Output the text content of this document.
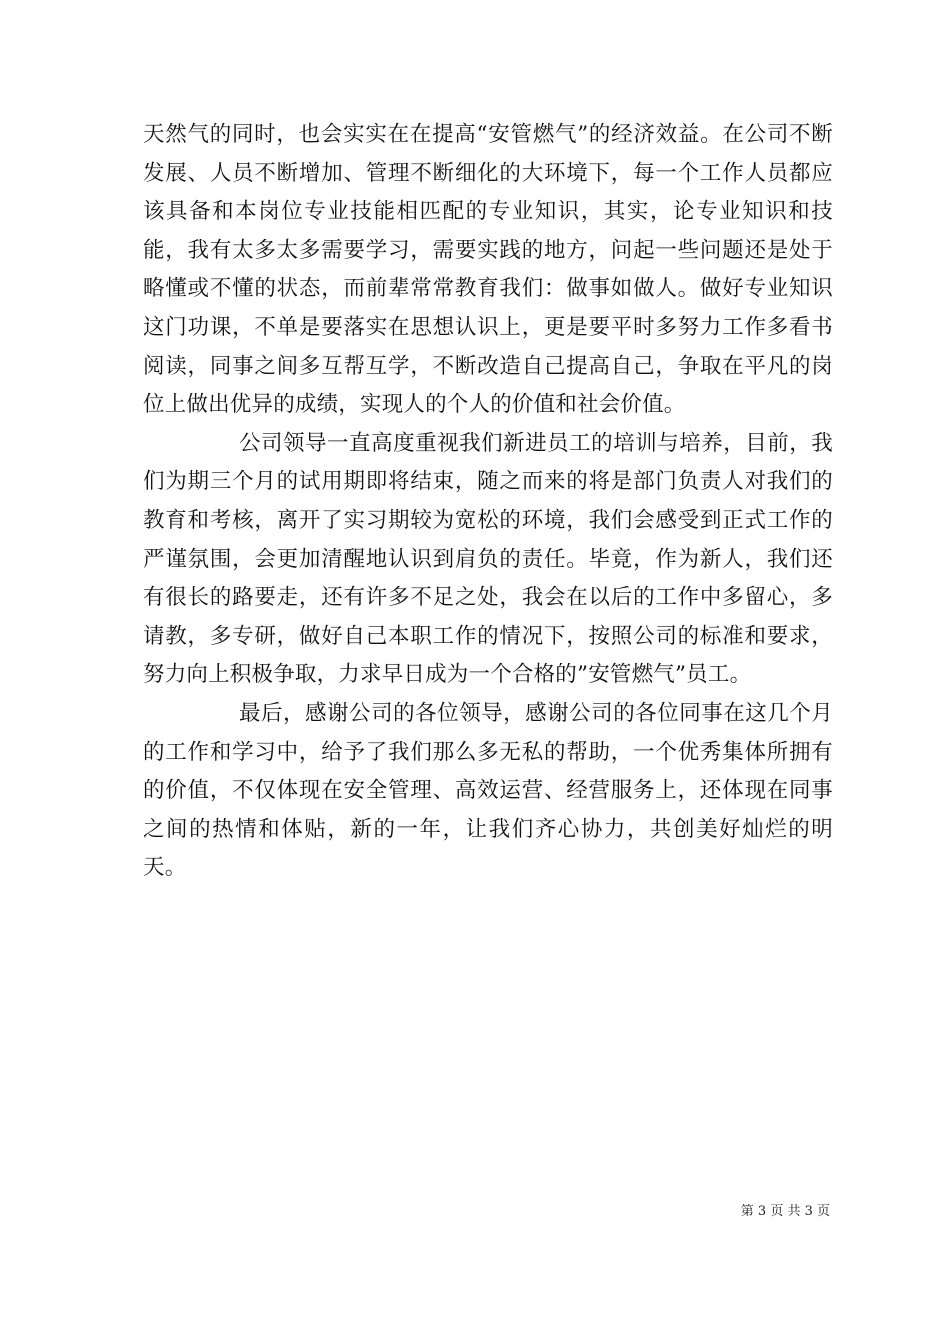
天然气的同时，也会实实在在提高“安管燃气”的经济效益。在公司不断发展、人员不断增加、管理不断细化的大环境下，每一个工作人员都应该具备和本岗位专业技能相匹配的专业知识，其实，论专业知识和技能，我有太多太多需要学习，需要实践的地方，问起一些问题还是处于略懂或不懂的状态，而前辈常常教育我们：做事如做人。做好专业知识这门功课，不单是要落实在思想认识上，更是要平时多努力工作多看书阅读，同事之间多互帮互学，不断改造自己提高自己，争取在平凡的岗位上做出优异的成绩，实现人的个人的价值和社会价值。

公司领导一直高度重视我们新进员工的培训与培养，目前，我们为期三个月的试用期即将结束，随之而来的将是部门负责人对我们的教育和考核，离开了实习期较为宽松的环境，我们会感受到正式工作的严谨氛围，会更加清醒地认识到肩负的责任。毕竟，作为新人，我们还有很长的路要走，还有许多不足之处，我会在以后的工作中多留心，多请教，多专研，做好自己本职工作的情况下，按照公司的标准和要求，努力向上积极争取，力求早日成为一个合格的”安管燃气”员工。

最后，感谢公司的各位领导，感谢公司的各位同事在这几个月的工作和学习中，给予了我们那么多无私的帮助，一个优秀集体所拥有的价值，不仅体现在安全管理、高效运营、经营服务上，还体现在同事之间的热情和体贴，新的一年，让我们齐心协力，共创美好灿烂的明天。

第 3 页 共 3 页
